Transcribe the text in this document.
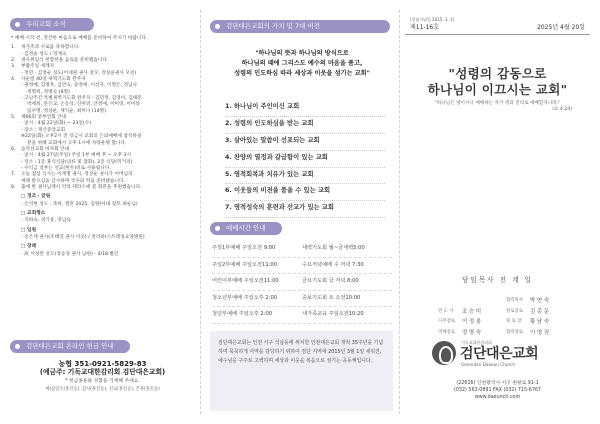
우리교회 소식
* 예배 시작 전, 정간한 마음으로 예배를 준비하여 주시기 바랍니다.
1.	새가족과 수로를 축하합니다.
- 김정순 성도 / 정재숙
2.	권사취임식 헌합한을 음료를 준비했습니다.
3.	부활주일 세례자
- 정민 · 김정순 성도(어네원 권사 장모, 정실윤권사 모친)
4.	사순절 40일 새벽기도회 완주자
- 권정매, 김명옥, 김만숙, 송정애, 이선자, 이명은, 정남숙
정명희, 정병숙 (9명)
- 고난주간 특별새벽기도회 완주자 : 김민정, 김영이, 김태문
박세희, 문은교, 손동석, 신미영, 안정애, 이미영, 이미라
임우명, 정상운, 재익순, 최미나 (14명)
5.	제66회 중부연회 안내
- 일시 : 4월 22일(화) ~ 23일(수)
- 장소 : 재산중앙교회
※22일(화) 오후2시 전 장금시 교회의 은퇴예배에 참석하실
분을 위해 교회에서 오후 1시에 차량운행 합니다.
6.	음악선교회 바자회 안내
- 일시 : 4월 27일(주일) 주일 1부 예배 후 ~ 오후 3시
- 장소 : 1층 휴식식당(의류 및 잡화), 2층 식당(먹거리)
- 수익금 일부는 선교(헌두)비로 사용됩니다.
7.	오늘 점심 식사는 이재명 권사, 정상순 권사가 어머님의
세례 받으심을 감사하며 국수와 떡을 준비했습니다.
8.	출애 반 권사님께서 약의 테라스에 꽃 화분을 후원했습니다.
□ 경조 · 알림
- 손석현 성도 : 축하, 결혼 2025. 입원(아내 장모 최순님)
□ 교회행소
- 지하숙, 경기중, 충남숙
□ 입원
- 송은재 권사(조태연 권사 이웃) / 정리하(스트레칭요양병원)
□ 장례
- 故 이성만 성도(장승경 권사 남편) - 4/18 발인
검단대은교회 온라인 헌금 안내
농협 351-0921-5829-83
(예금주: 기독교대한감리회 검단대은교회)
* 헌금종류와 성함을 기재해 주세요.
예)십일조(홍길동), 감사(홍길동), 선교(홍길동), 건축(홍길동)
검단대은교회의 가치 및 7대 비전
"하나님의 뜻과 하나님의 방식으로
하나님의 때에 그리스도 예수의 마음을 품고,
성령의 인도하심 따라 세상과 이웃을 섬기는 교회"
1. 하나님이 주인이신 교회
2. 성령의 인도하심을 받는 교회
3. 살아있는 말씀이 선포되는 교회
4. 찬양의 열정과 갈급함이 있는 교회
5. 영적회복과 치유가 있는 교회
6. 이웃들의 비전을 품을 수 있는 교회
7. 영적성숙의 훈련과 선교가 있는 교회
예배시간 안내
주일1부예배 주일오전 9:00	새벽기도회 월~금새벽5:00
주일2부예배 주일오전11:00	수요저녁예배 수 저녁 7:30
어린이부예배 주일오전11:00	금요기도회 금 저녁 8:00
청소년부예배 주일오후 2:00	중보기도회 토 오전10:00
청년부예배 주일오후 2:00	새가족교육 주일오전10:20
검단대은교회는 인천 서구 석남동에 위치한 인천대은교회 개척 35주년을 기념하며 묵묵하게 사역을 감당하기 위하여 검단 지역에 2015년 3월 1일 세워진, 예수님을 구주로 고백하며 세상과 이웃을 복음으로 섬기는 공동체입니다.
(창립기념일 2015. 3. 1)
제11-16호	2025년 4월 20일
"성령의 감동으로
하나님이 이끄시는 교회"
"하나님은 영이시니 예배하는 자가 영과 진리로 예배할지니라."
(요 4:24)
담임목사 전 계 일
협력목사	박 연 숙
전 도 사	조 승 미	원로장로	김 종 문
시무장로	이 정 봉	원 로 장	황 남 숙
영예장로	정 명 숙	협력장로	이 영 권
기독교대한감리회
검단대은교회
Geomdan Daeeun Church
(22616) 인천광역시 서구 원창로 91-1
(032) 563-0891 FAX (032) 715-6767
www.daeunch.com
